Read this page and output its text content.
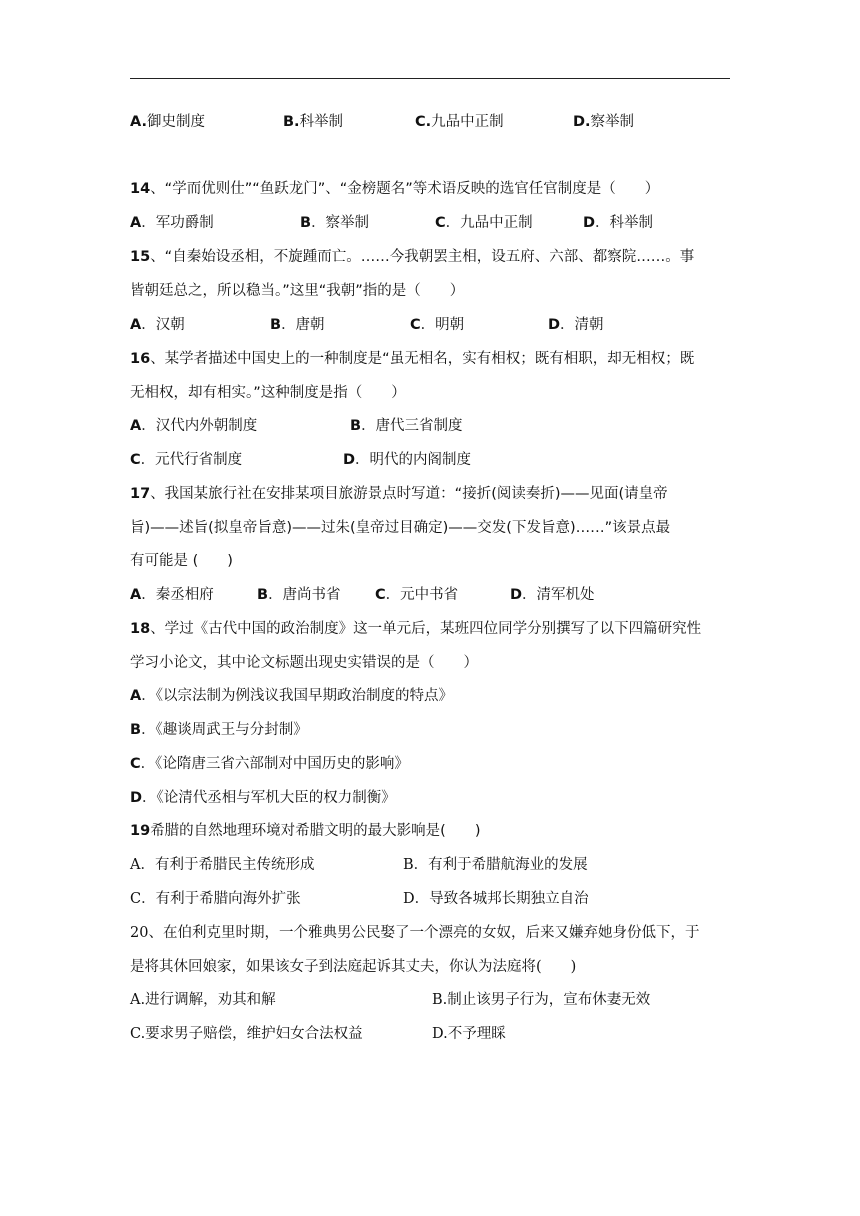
A.御史制度	B.科举制	C.九品中正制	D.察举制
14、“学而优则仕”“鱼跃龙门”、“金榜题名”等术语反映的选官任官制度是（　　）
A．军功爵制	B．察举制	C．九品中正制	D．科举制
15、“自秦始设丞相，不旋踵而亡。……今我朝罢主相，设五府、六部、都察院……。事
皆朝廷总之，所以稳当。”这里“我朝”指的是（　　）
A．汉朝	B．唐朝	C．明朝	D．清朝
16、某学者描述中国史上的一种制度是“虽无相名，实有相权；既有相职，却无相权；既
无相权，却有相实。”这种制度是指（　　）
A．汉代内外朝制度	B．唐代三省制度
C．元代行省制度	D．明代的内阁制度
17、我国某旅行社在安排某项目旅游景点时写道：“接折(阅读奏折)——见面(请皇帝
旨)——述旨(拟皇帝旨意)——过朱(皇帝过目确定)——交发(下发旨意)……”该景点最
有可能是 (　　)
A．秦丞相府	B．唐尚书省 C．元中书省	D．清军机处
18、学过《古代中国的政治制度》这一单元后，某班四位同学分别撰写了以下四篇研究性
学习小论文，其中论文标题出现史实错误的是（　　）
A．《以宗法制为例浅议我国早期政治制度的特点》
B．《趣谈周武王与分封制》
C．《论隋唐三省六部制对中国历史的影响》
D．《论清代丞相与军机大臣的权力制衡》
19希腊的自然地理环境对希腊文明的最大影响是(　　)
A．有利于希腊民主传统形成	B．有利于希腊航海业的发展
C．有利于希腊向海外扩张	D．导致各城邦长期独立自治
20、在伯利克里时期，一个雅典男公民娶了一个漂亮的女奴，后来又嫌弃她身份低下，于
是将其休回娘家，如果该女子到法庭起诉其丈夫，你认为法庭将(　　)
A.进行调解，劝其和解	B.制止该男子行为，宣布休妻无效
C.要求男子赔偿，维护妇女合法权益	D.不予理睬
